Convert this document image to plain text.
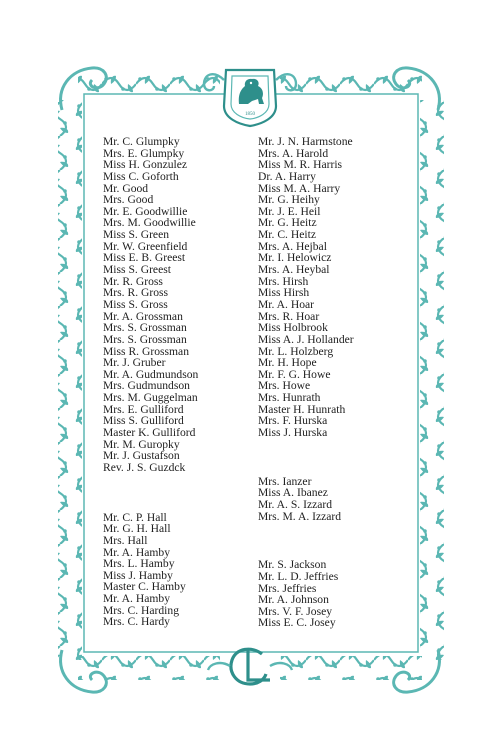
1850
Mr. C. Glumpky
Mrs. E. Glumpky
Miss H. Gonzulez
Miss C. Goforth
Mr. Good
Mrs. Good
Mr. E. Goodwillie
Mrs. M. Goodwillie
Miss S. Green
Mr. W. Greenfield
Miss E. B. Greest
Miss S. Greest
Mr. R. Gross
Mrs. R. Gross
Miss S. Gross
Mr. A. Grossman
Mrs. S. Grossman
Mrs. S. Grossman
Miss R. Grossman
Mr. J. Gruber
Mr. A. Gudmundson
Mrs. Gudmundson
Mrs. M. Guggelman
Mrs. E. Gulliford
Miss S. Gulliford
Master K. Gulliford
Mr. M. Guropky
Mr. J. Gustafson
Rev. J. S. Guzdck
Mr. C. P. Hall
Mr. G. H. Hall
Mrs. Hall
Mr. A. Hamby
Mrs. L. Hamby
Miss J. Hamby
Master C. Hamby
Mr. A. Hamby
Mrs. C. Harding
Mrs. C. Hardy
Mr. J. N. Harmstone
Mrs. A. Harold
Miss M. R. Harris
Dr. A. Harry
Miss M. A. Harry
Mr. G. Heihy
Mr. J. E. Heil
Mr. G. Heitz
Mr. C. Heitz
Mrs. A. Hejbal
Mr. I. Helowicz
Mrs. A. Heybal
Mrs. Hirsh
Miss Hirsh
Mr. A. Hoar
Mrs. R. Hoar
Miss Holbrook
Miss A. J. Hollander
Mr. L. Holzberg
Mr. H. Hope
Mr. F. G. Howe
Mrs. Howe
Mrs. Hunrath
Master H. Hunrath
Mrs. F. Hurska
Miss J. Hurska
Mrs. Ianzer
Miss A. Ibanez
Mr. A. S. Izzard
Mrs. M. A. Izzard
Mr. S. Jackson
Mr. L. D. Jeffries
Mrs. Jeffries
Mr. A. Johnson
Mrs. V. F. Josey
Miss E. C. Josey
